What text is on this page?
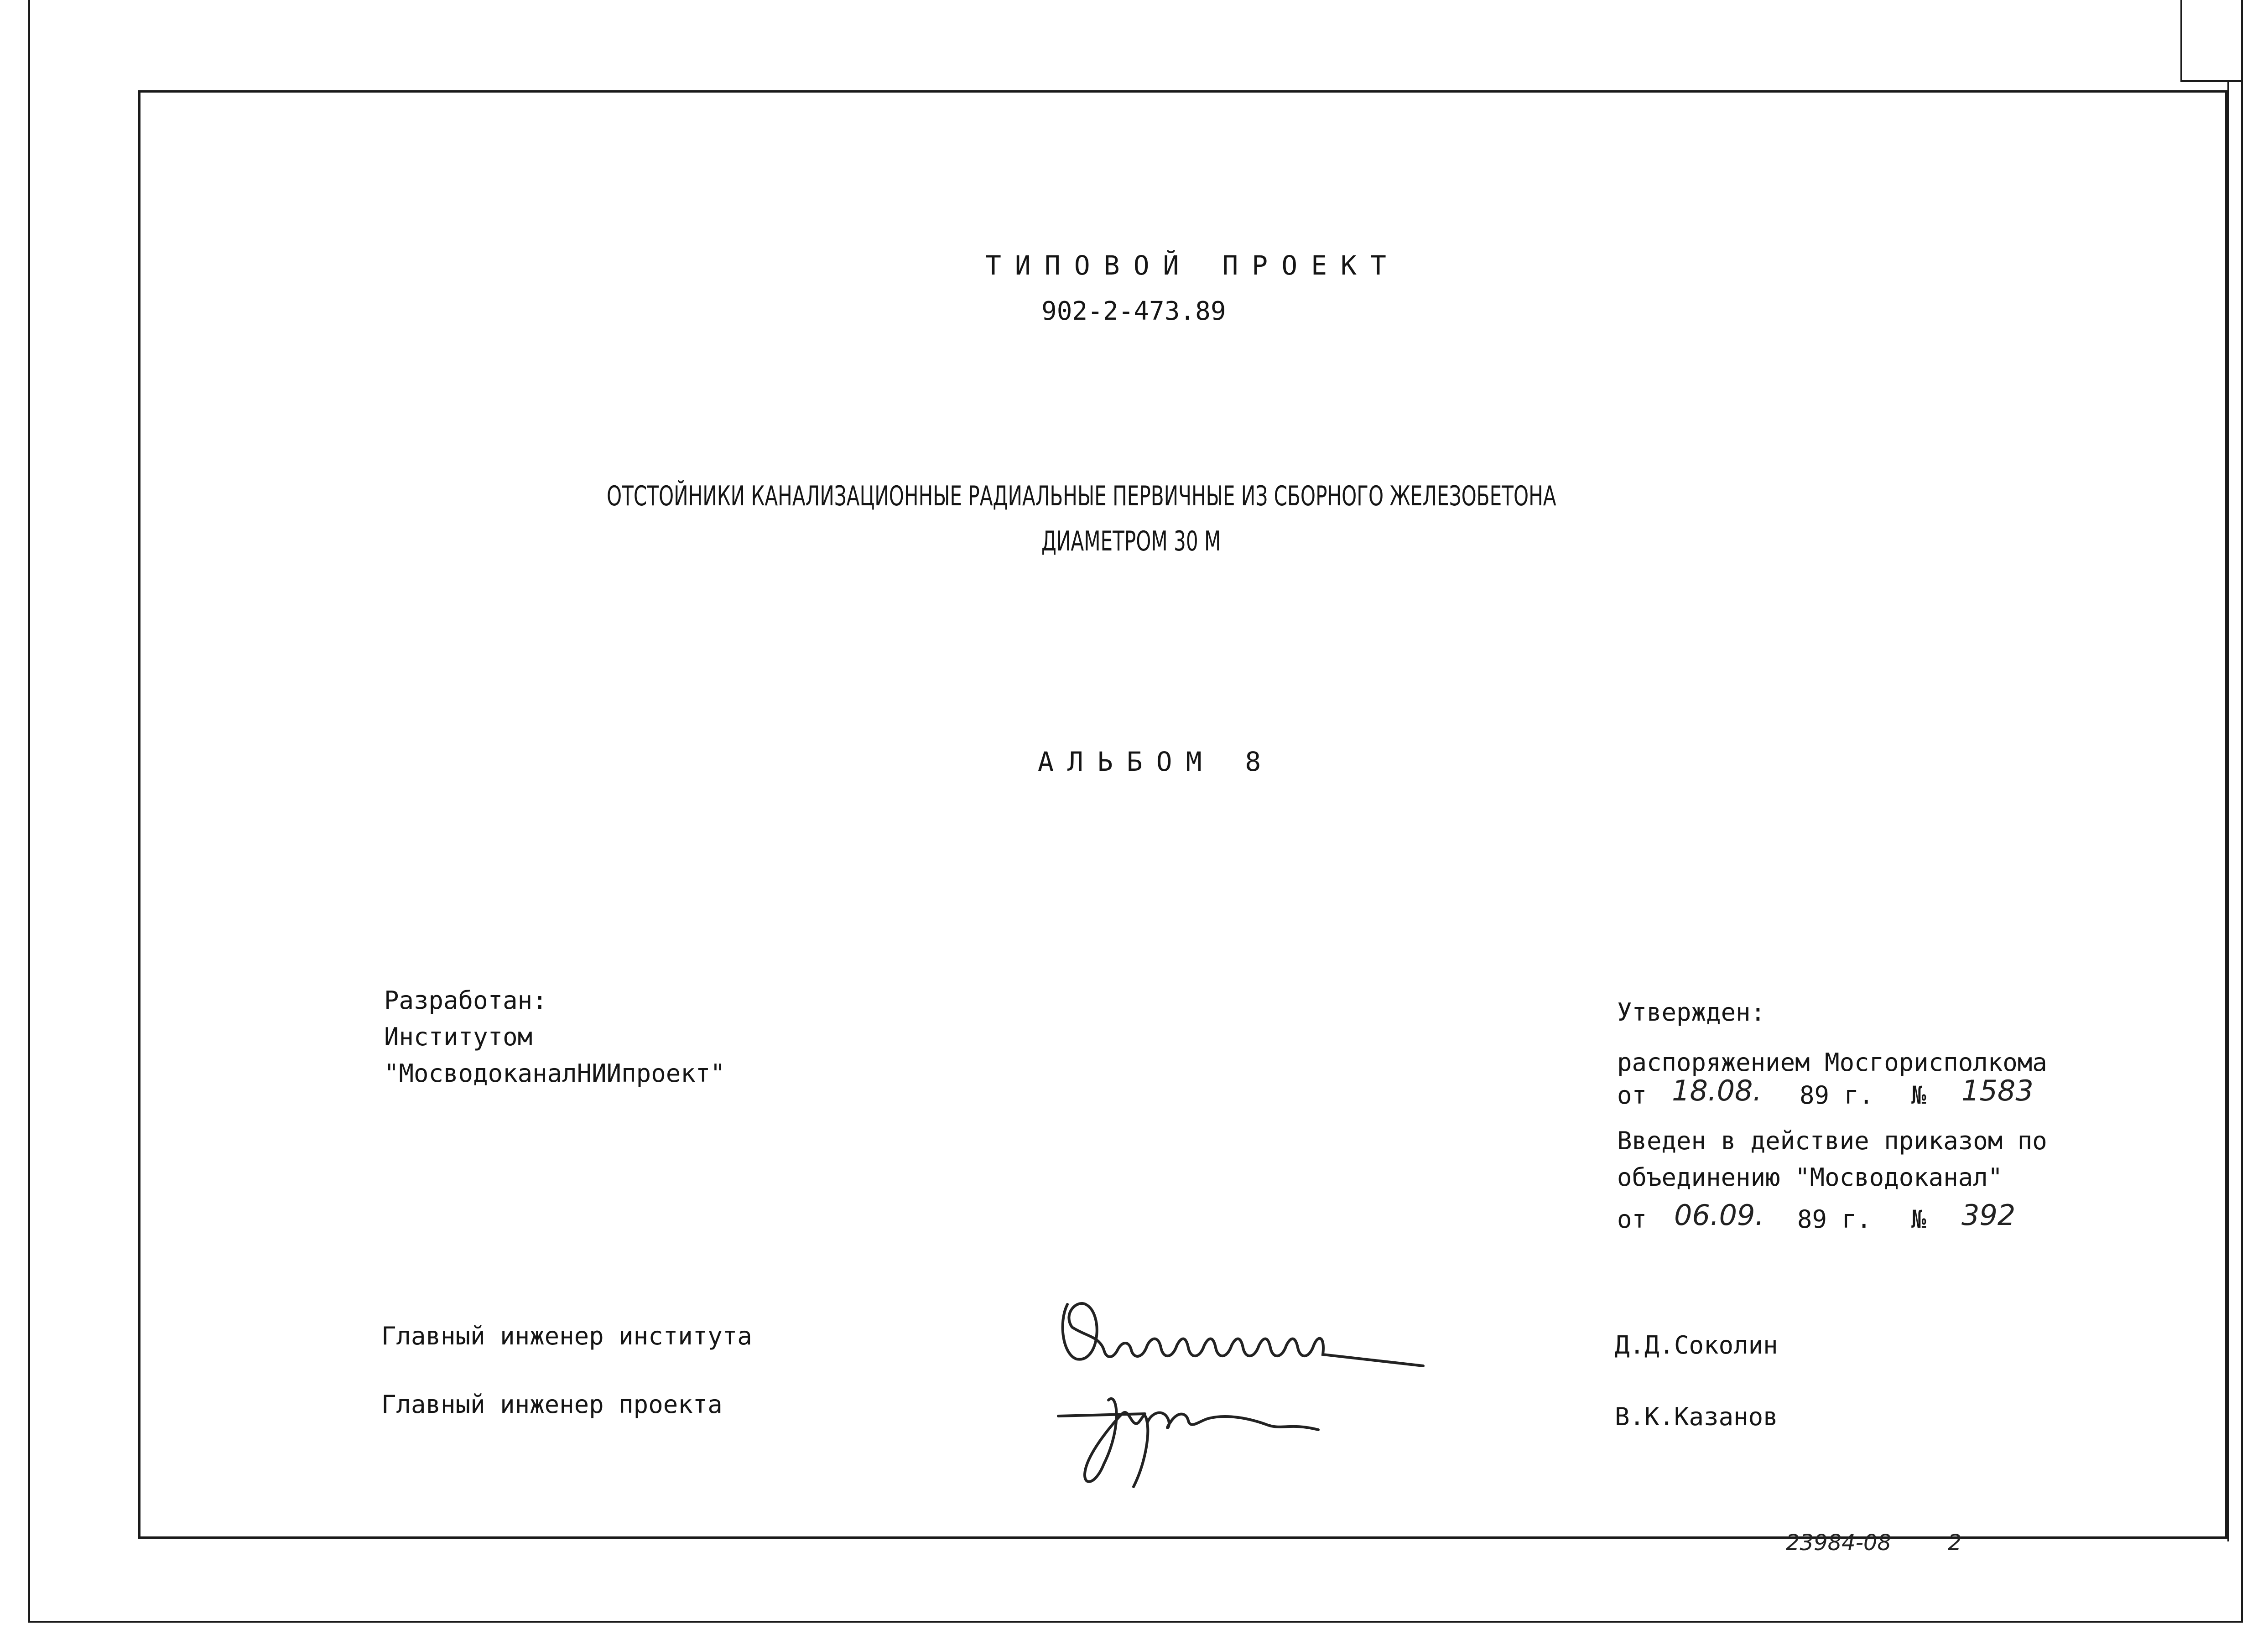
ТИПОВОЙ ПРОЕКТ
902-2-473.89
ОТСТОЙНИКИ КАНАЛИЗАЦИОННЫЕ РАДИАЛЬНЫЕ ПЕРВИЧНЫЕ ИЗ СБОРНОГО ЖЕЛЕЗОБЕТОНА
ДИАМЕТРОМ 30 М
АЛЬБОМ 8
Разработан:
Институтом
"МосводоканалНИИпроект"
Утвержден:
распоряжением Мосгорисполкома
от 18.08. 89 г. № 1583
Введен в действие приказом по
объединению "Мосводоканал"
от 06.09. 89 г. № 392
Главный инженер института	Д.Д.Соколин
Главный инженер проекта	В.К.Казанов
23984-08	2
